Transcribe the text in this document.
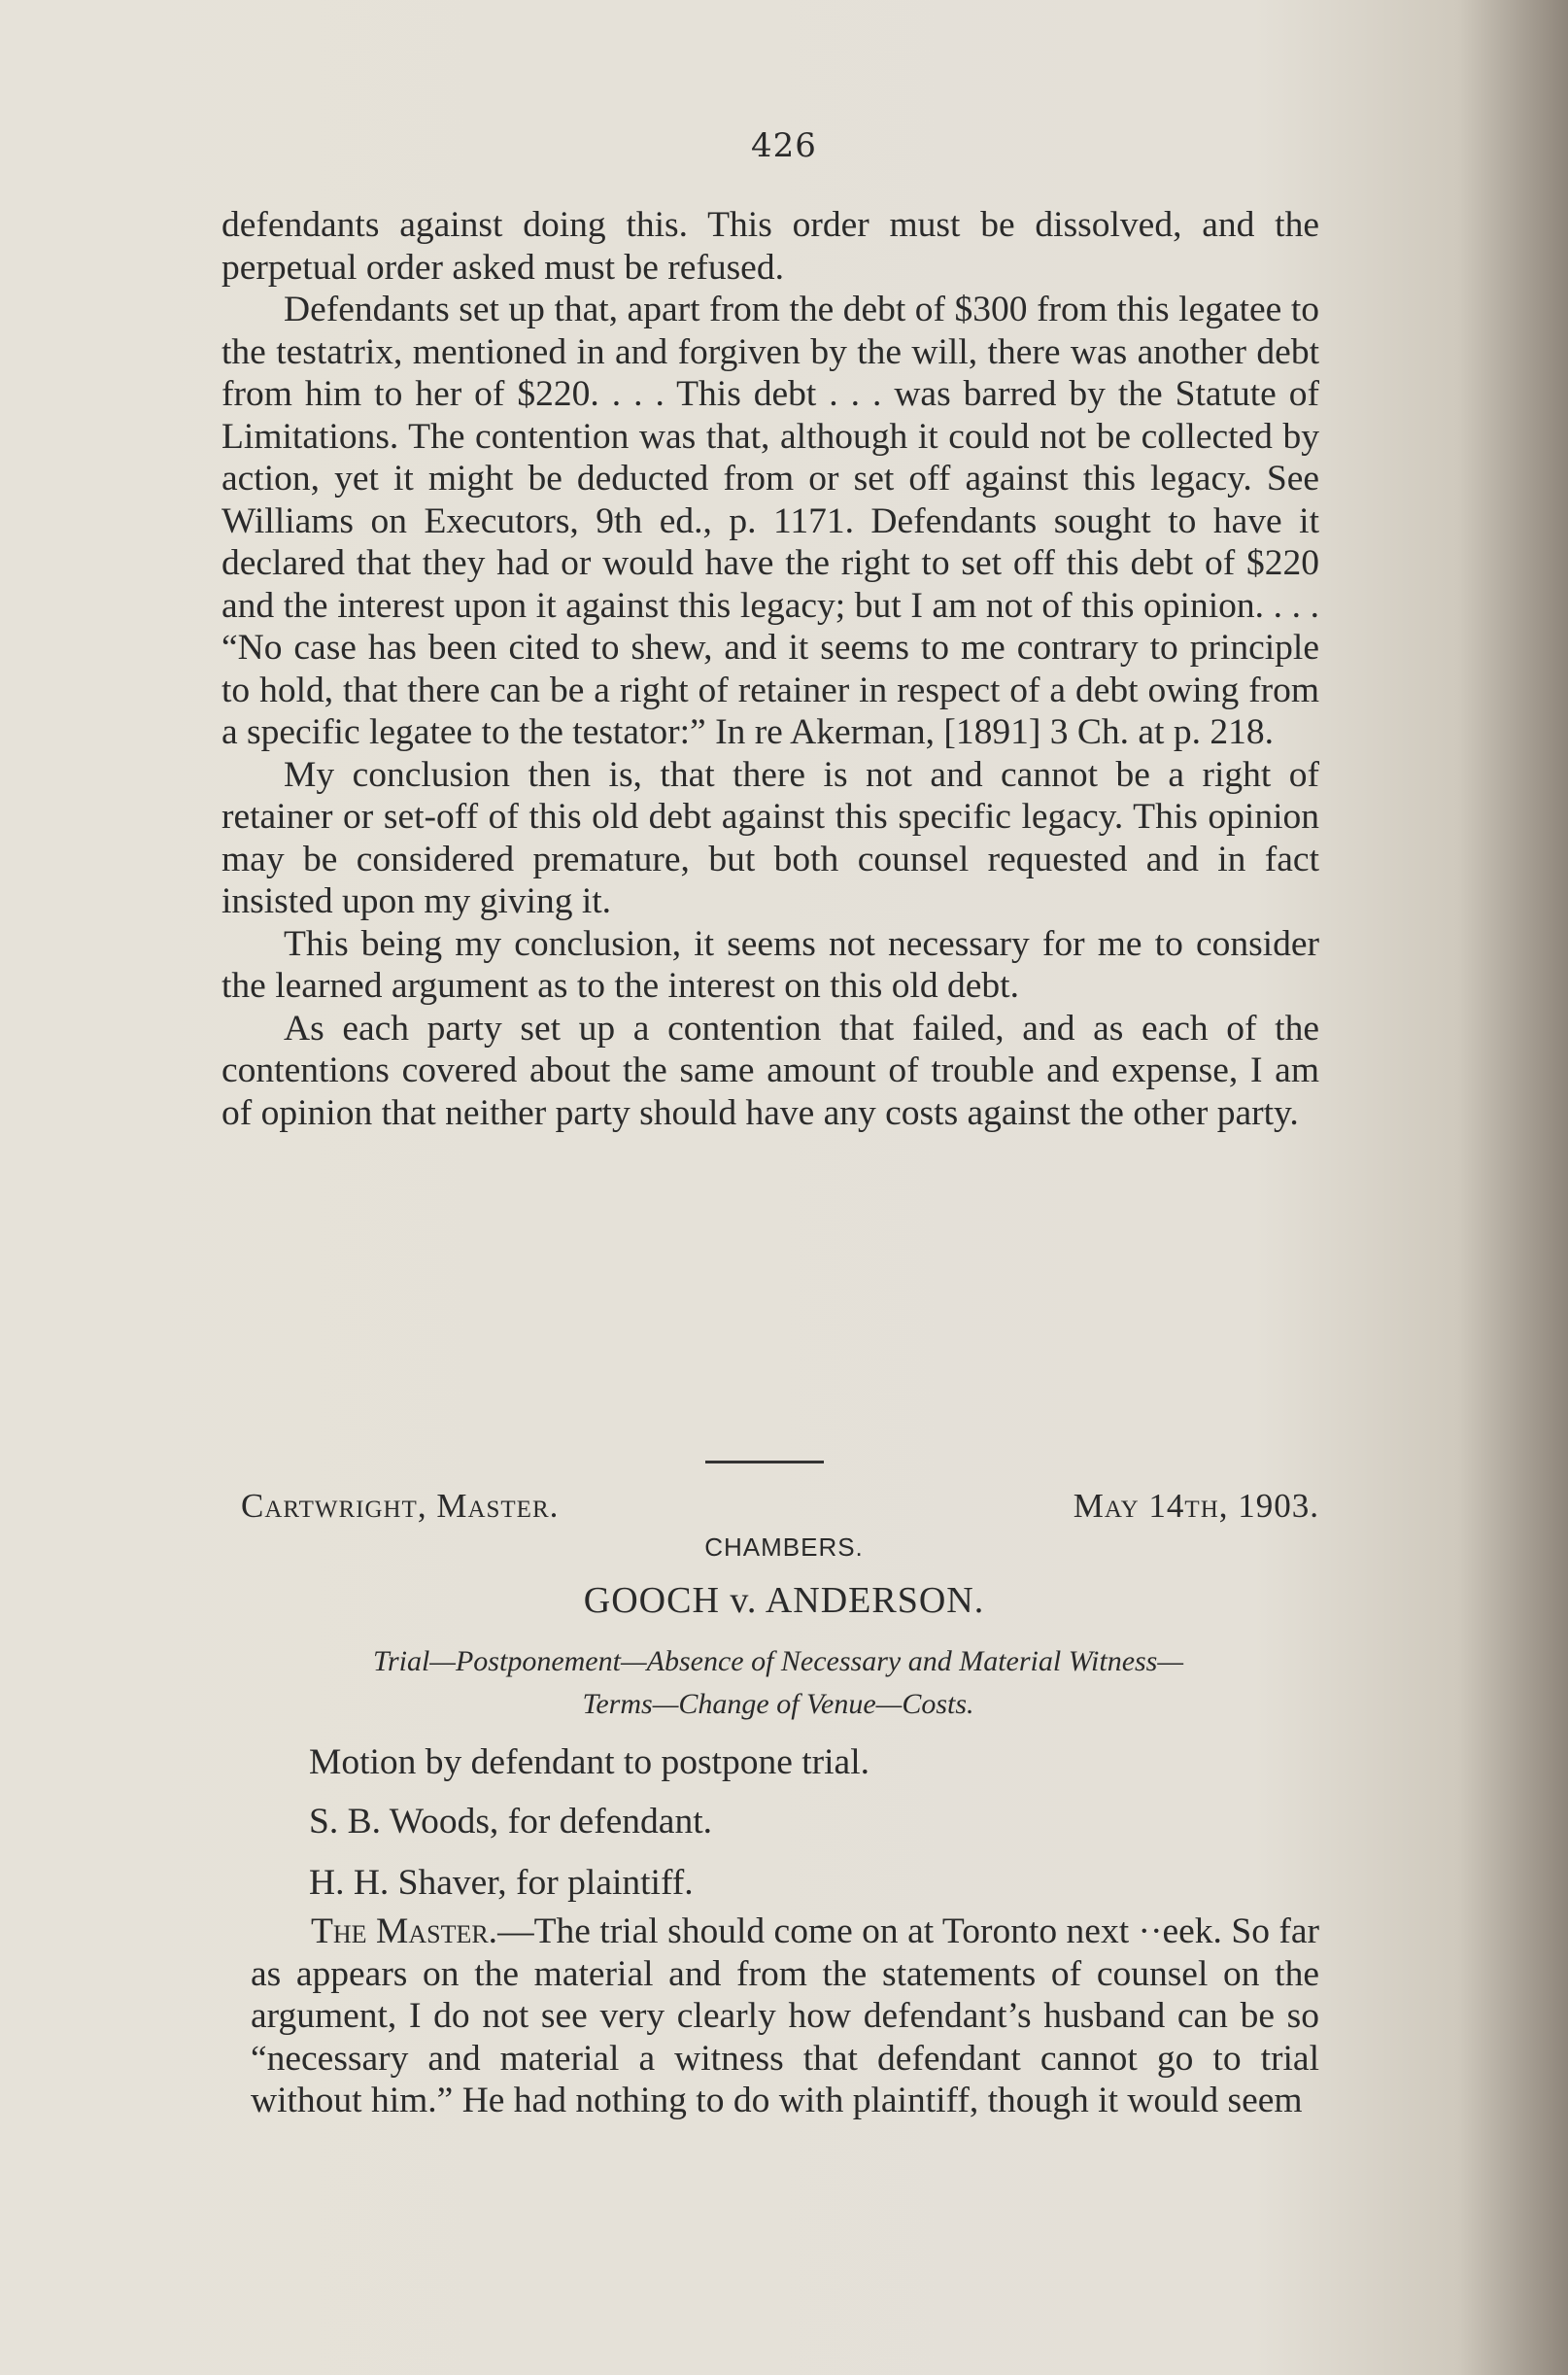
426

defendants against doing this. This order must be dissolved, and the perpetual order asked must be refused.

Defendants set up that, apart from the debt of $300 from this legatee to the testatrix, mentioned in and forgiven by the will, there was another debt from him to her of $220. . . . This debt . . . was barred by the Statute of Limitations. The contention was that, although it could not be collected by action, yet it might be deducted from or set off against this legacy. See Williams on Executors, 9th ed., p. 1171. Defendants sought to have it declared that they had or would have the right to set off this debt of $220 and the interest upon it against this legacy; but I am not of this opinion. . . . “No case has been cited to shew, and it seems to me contrary to principle to hold, that there can be a right of retainer in respect of a debt owing from a specific legatee to the testator:” In re Akerman, [1891] 3 Ch. at p. 218.

My conclusion then is, that there is not and cannot be a right of retainer or set-off of this old debt against this specific legacy. This opinion may be considered premature, but both counsel requested and in fact insisted upon my giving it.

This being my conclusion, it seems not necessary for me to consider the learned argument as to the interest on this old debt.

As each party set up a contention that failed, and as each of the contentions covered about the same amount of trouble and expense, I am of opinion that neither party should have any costs against the other party.

Cartwright, Master.	May 14th, 1903.
CHAMBERS.
GOOCH v. ANDERSON.
Trial—Postponement—Absence of Necessary and Material Witness—
Terms—Change of Venue—Costs.
Motion by defendant to postpone trial.
S. B. Woods, for defendant.
H. H. Shaver, for plaintiff.
The Master.—The trial should come on at Toronto next ··eek. So far as appears on the material and from the statements of counsel on the argument, I do not see very clearly how defendant’s husband can be so “necessary and material a witness that defendant cannot go to trial without him.” He had nothing to do with plaintiff, though it would seem
